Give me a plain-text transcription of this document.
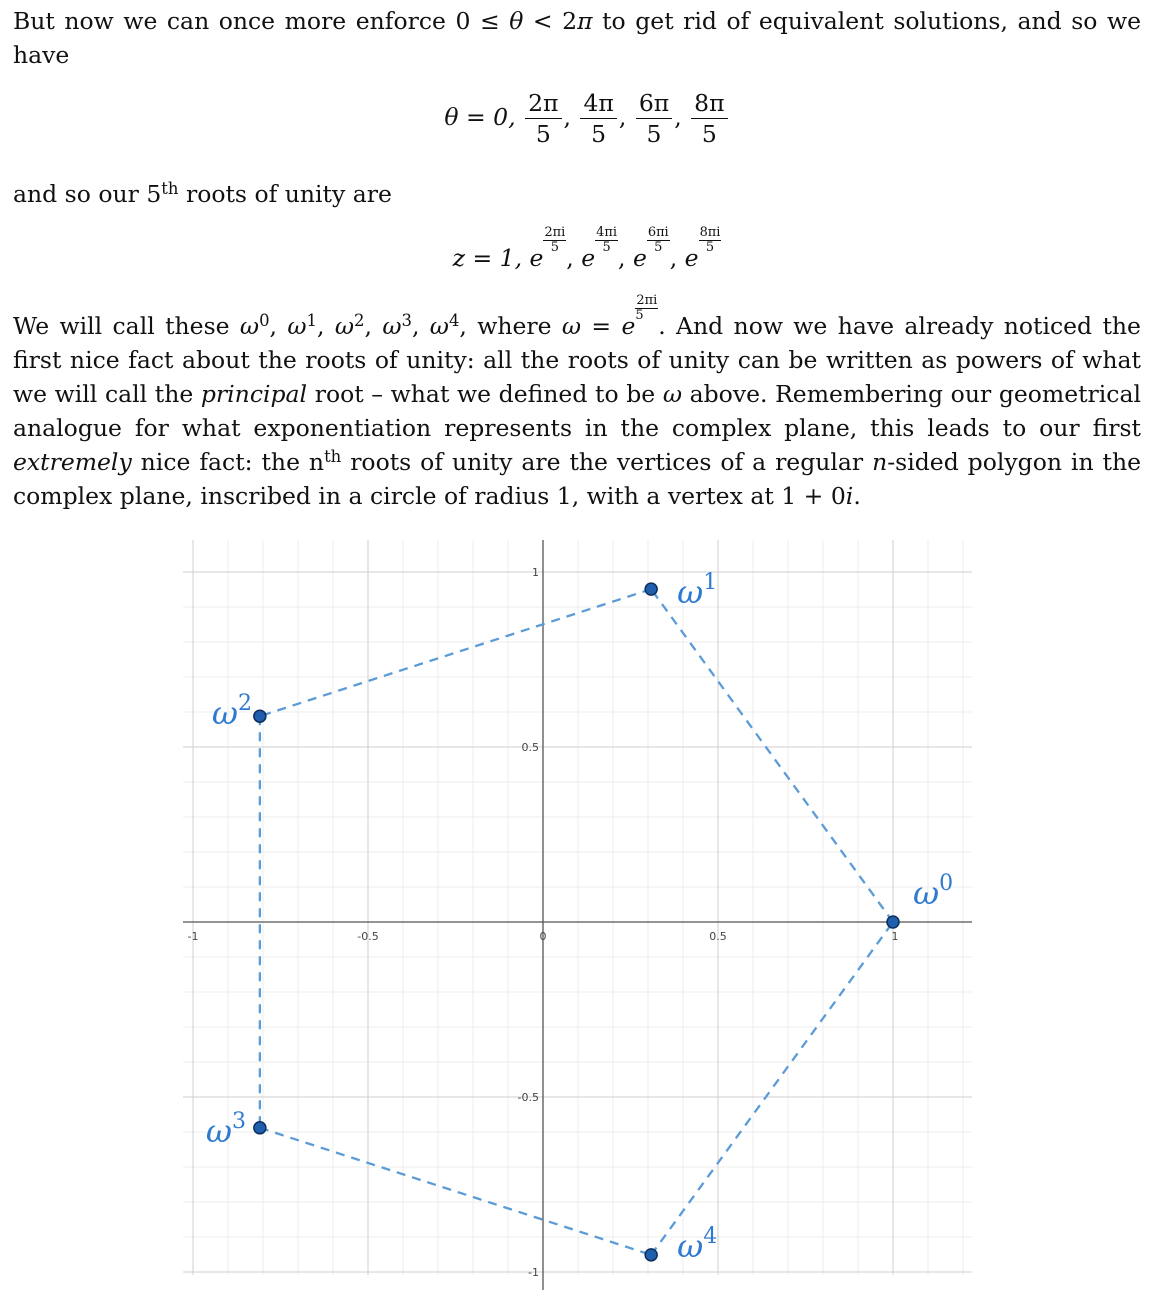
But now we can once more enforce 0 ≤ θ < 2π to get rid of equivalent solutions, and so we have
θ = 0, $\frac{2\pi}{5}$ , $\frac{4\pi}{5}$ , $\frac{6\pi}{5}$ , $\frac{8\pi}{5}$
and so our 5th roots of unity are
z = 1, e
$\frac{2\pi i}{5}$
, e
$\frac{4\pi i}{5}$
, e
$\frac{6\pi i}{5}$
, e
$\frac{8\pi i}{5}$
We will call these $\omega^0$, $\omega^1$, $\omega^2$, $\omega^3$, $\omega^4$, where ω = e
$\frac{2\pi i}{5}$
. And now we have already noticed the first nice fact about the roots of unity: all the roots of unity can be written as powers of what we will call the principal root – what we defined to be ω above. Remembering our geometrical analogue for what exponentiation represents in the complex plane, this leads to our first extremely nice fact: the $n^{th}$ roots of unity are the vertices of a regular n-sided polygon in the complex plane, inscribed in a circle of radius 1, with a vertex at 1 + 0i.
-1	-0.5	0	0.5	1
1
0.5
-0.5
-1
$\omega^0$
$\omega^1$
$\omega^2$
$\omega^3$
$\omega^4$
